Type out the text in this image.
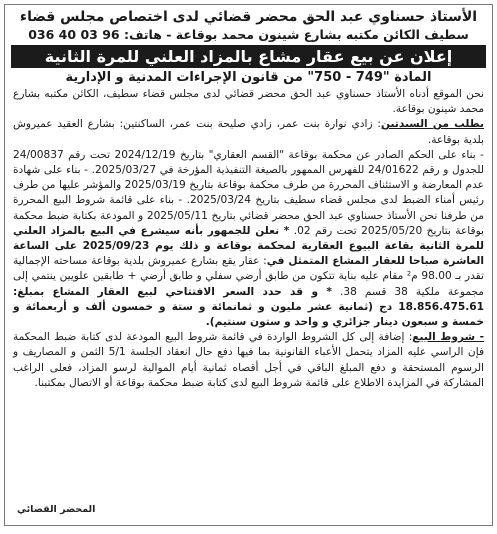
الأستاذ حسناوي عبد الحق محضر قضائي لدى اختصاص مجلس قضاء
سطيف الكائن مكتبه بشارع شينون محمد بوقاعة - هاتف: 96 03 40 036
إعلان عن بيع عقار مشاع بالمزاد العلني للمرة الثانية
المادة "749 - 750" من قانون الإجراءات المدنية و الإدارية

نحن الموقع أدناه الأستاذ حسناوي عبد الحق محضر قضائي لدى مجلس قضاء سطيف، الكائن مكتبه بشارع محمد شينون بوقاعة.

بطلب من السيدتين: زادي نوارة بنت عمر، زادي صليحة بنت عمر، الساكنتين: بشارع العقيد عميروش بلدية بوقاعة.

- بناء على الحكم الصادر عن محكمة بوقاعة "القسم العقاري" بتاريخ 2024/12/19 تحت رقم 24/00837 للجدول و رقم 24/01622 للفهرس الممهور بالصيغة التنفيذية المؤرخة في 2025/03/27. - بناء على شهادة عدم المعارضة و الاستئناف المحررة من طرف محكمة بوقاعة بتاريخ 2025/03/19 والمؤشر عليها من طرف رئيس أمناء الضبط لدى مجلس قضاء سطيف بتاريخ 2025/03/24. - بناء على قائمة شروط البيع المحررة من طرفنا نحن الأستاذ حسناوي عبد الحق محضر قضائي بتاريخ 2025/05/11 و المودعة بكتابة ضبط محكمة بوقاعة بتاريخ 2025/05/20 تحت رقم 02. * نعلن للجمهور بأنه سيشرع في البيع بالمزاد العلني للمرة الثانية بقاعة البيوع العقارية لمحكمة بوقاعة و ذلك يوم 2025/09/23 على الساعة العاشرة صباحا للعقار المشاع المتمثل في: عقار يقع بشارع عميروش بلدية بوقاعة مساحته الإجمالية تقدر بـ 98.00 م² مقام عليه بناية تتكون من طابق أرضي سفلي و طابق أرضي + طابقين علويين ينتمي إلى مجموعة ملكية 38 قسم 38. * و قد حدد السعر الافتتاحي لبيع العقار المشاع بمبلغ: 18.856.475.61 دج (ثمانية عشر مليون و ثمانمائة و ستة و خمسون ألف و أربعمائة و خمسة و سبعون دينار جزائري و واحد و ستون سنتيم).

- شروط البيع: إضافة إلى كل الشروط الواردة في قائمة شروط البيع المودعة لدى كتابة ضبط المحكمة فإن الراسي عليه المزاد يتحمل الأعباء القانونية بما فيها دفع حال انعقاد الجلسة 5/1 الثمن و المصاريف و الرسوم المستحقة و دفع المبلغ الباقي في أجل أقصاه ثمانية أيام الموالية لرسو المزاد، فعلى الراغب المشاركة في المزايدة الاطلاع على قائمة شروط البيع لدى كتابة ضبط محكمة بوقاعة أو الاتصال بمكتبنا.

المحضر القضائي
